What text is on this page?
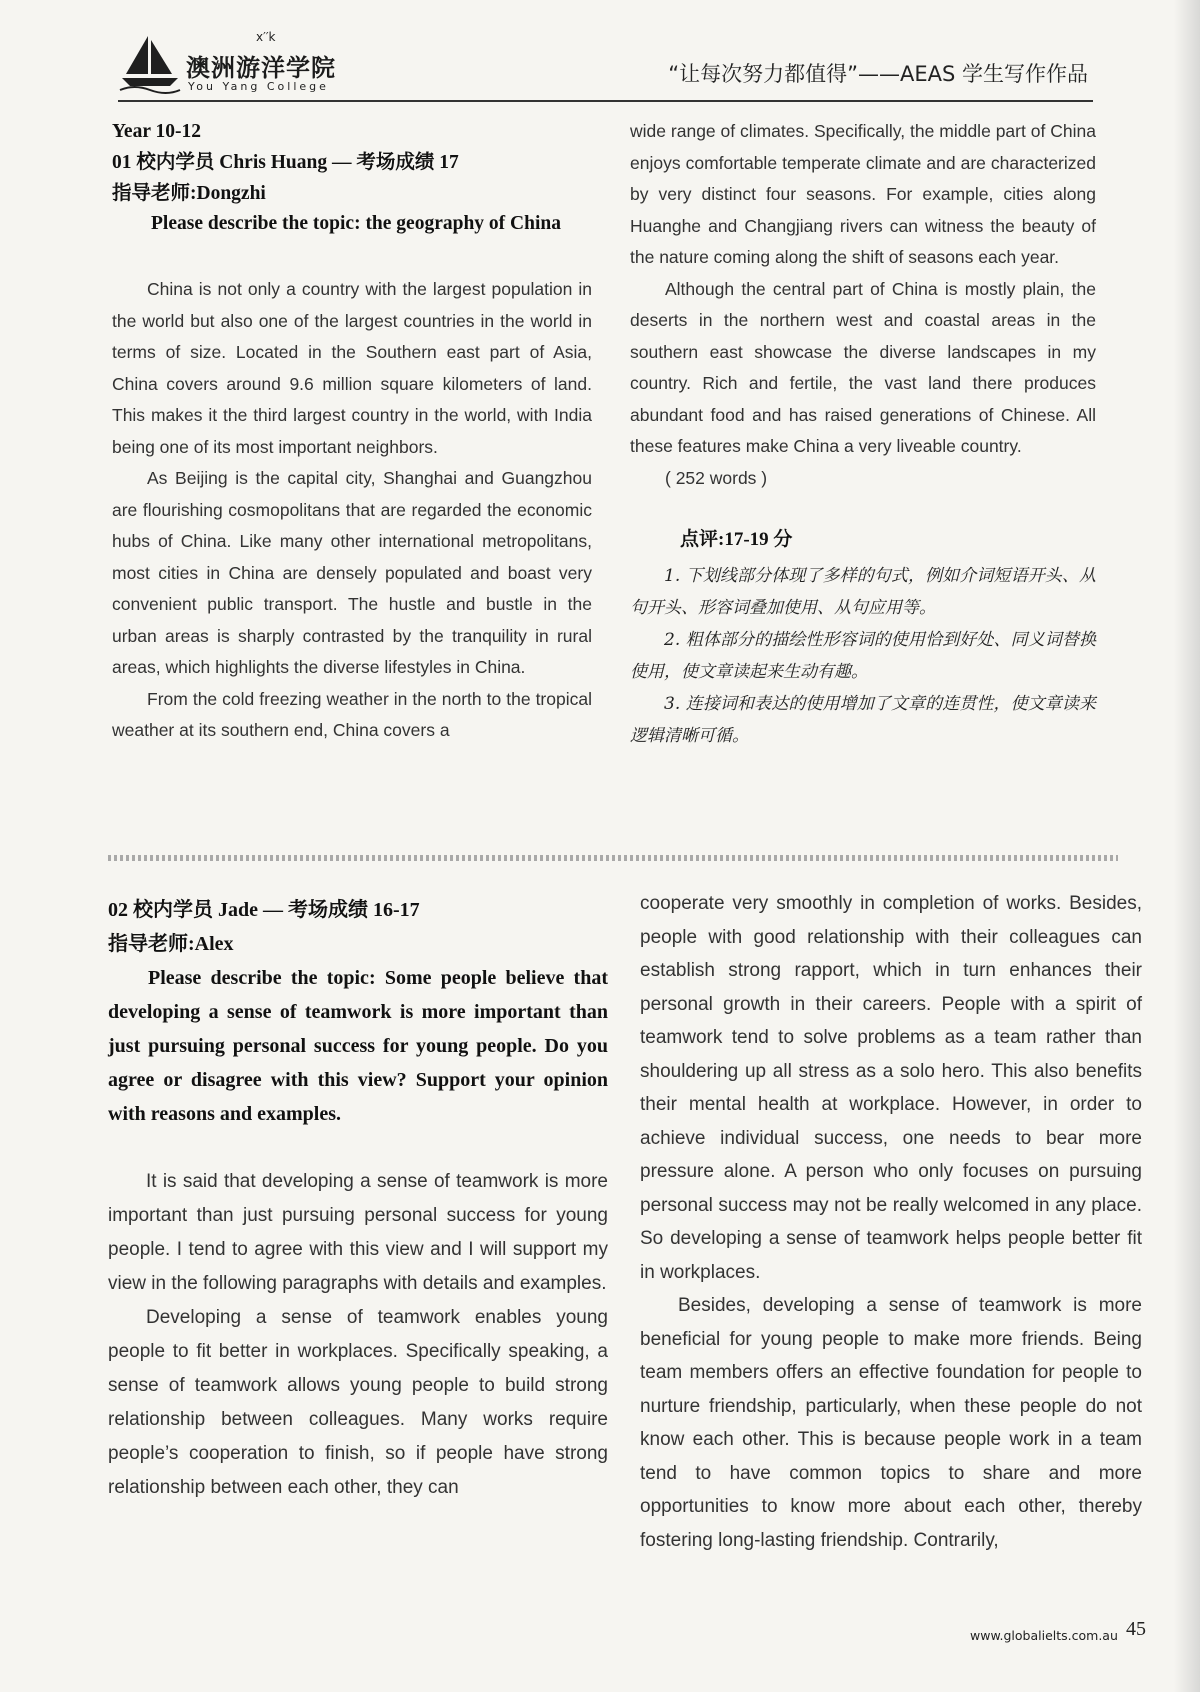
x′′k
澳洲游洋学院
You Yang College
“让每次努力都值得”——AEAS 学生写作作品
Year 10-12
01 校内学员 Chris Huang — 考场成绩 17
指导老师:Dongzhi

Please describe the topic: the geography of China

China is not only a country with the largest population in the world but also one of the largest countries in the world in terms of size. Located in the Southern east part of Asia, China covers around 9.6 million square kilometers of land. This makes it the third largest country in the world, with India being one of its most important neighbors.

As Beijing is the capital city, Shanghai and Guangzhou are flourishing cosmopolitans that are regarded the economic hubs of China. Like many other international metropolitans, most cities in China are densely populated and boast very convenient public transport. The hustle and bustle in the urban areas is sharply contrasted by the tranquility in rural areas, which highlights the diverse lifestyles in China.

From the cold freezing weather in the north to the tropical weather at its southern end, China covers a

wide range of climates. Specifically, the middle part of China enjoys comfortable temperate climate and are characterized by very distinct four seasons. For example, cities along Huanghe and Changjiang rivers can witness the beauty of the nature coming along the shift of seasons each year.

Although the central part of China is mostly plain, the deserts in the northern west and coastal areas in the southern east showcase the diverse landscapes in my country. Rich and fertile, the vast land there produces abundant food and has raised generations of Chinese. All these features make China a very liveable country.

( 252 words )

点评:17-19 分

1. 下划线部分体现了多样的句式，例如介词短语开头、从句开头、形容词叠加使用、从句应用等。

2. 粗体部分的描绘性形容词的使用恰到好处、同义词替换使用，使文章读起来生动有趣。

3. 连接词和表达的使用增加了文章的连贯性，使文章读来逻辑清晰可循。

02 校内学员 Jade — 考场成绩 16-17
指导老师:Alex

Please describe the topic: Some people believe that developing a sense of teamwork is more important than just pursuing personal success for young people. Do you agree or disagree with this view? Support your opinion with reasons and examples.

It is said that developing a sense of teamwork is more important than just pursuing personal success for young people. I tend to agree with this view and I will support my view in the following paragraphs with details and examples.

Developing a sense of teamwork enables young people to fit better in workplaces. Specifically speaking, a sense of teamwork allows young people to build strong relationship between colleagues. Many works require people’s cooperation to finish, so if people have strong relationship between each other, they can

cooperate very smoothly in completion of works. Besides, people with good relationship with their colleagues can establish strong rapport, which in turn enhances their personal growth in their careers. People with a spirit of teamwork tend to solve problems as a team rather than shouldering up all stress as a solo hero. This also benefits their mental health at workplace. However, in order to achieve individual success, one needs to bear more pressure alone. A person who only focuses on pursuing personal success may not be really welcomed in any place. So developing a sense of teamwork helps people better fit in workplaces.

Besides, developing a sense of teamwork is more beneficial for young people to make more friends. Being team members offers an effective foundation for people to nurture friendship, particularly, when these people do not know each other. This is because people work in a team tend to have common topics to share and more opportunities to know more about each other, thereby fostering long-lasting friendship. Contrarily,

www.globalielts.com.au 45
